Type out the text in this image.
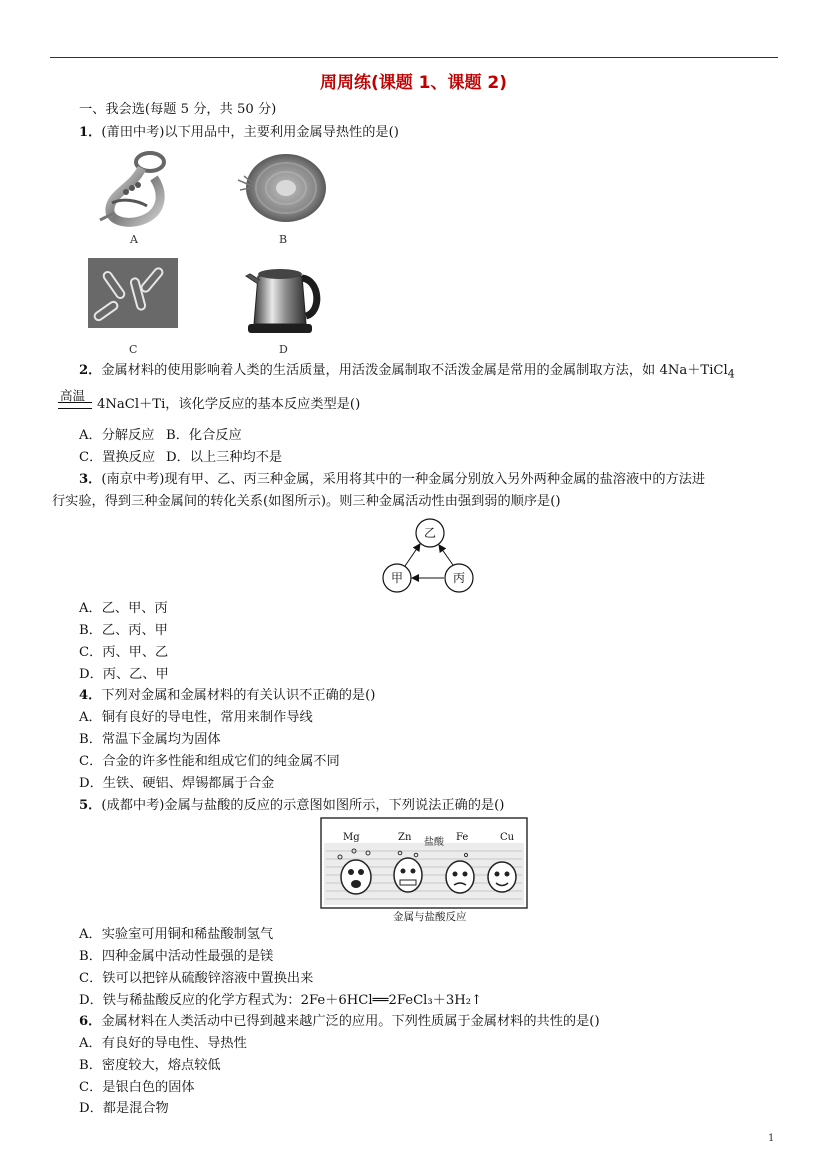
周周练(课题 1、课题 2)
一、我会选(每题 5 分，共 50 分)
1．(莆田中考)以下用品中，主要利用金属导热性的是()
A	B
C	D
2．金属材料的使用影响着人类的生活质量，用活泼金属制取不活泼金属是常用的金属制取方法，如 4Na＋TiCl$_4$
高温
4NaCl＋Ti，该化学反应的基本反应类型是()
A．分解反应 B．化合反应
C．置换反应 D．以上三种均不是
3．(南京中考)现有甲、乙、丙三种金属，采用将其中的一种金属分别放入另外两种金属的盐溶液中的方法进
行实验，得到三种金属间的转化关系(如图所示)。则三种金属活动性由强到弱的顺序是()
乙
甲	丙
A．乙、甲、丙
B．乙、丙、甲
C．丙、甲、乙
D．丙、乙、甲
4．下列对金属和金属材料的有关认识不正确的是()
A．铜有良好的导电性，常用来制作导线
B．常温下金属均为固体
C．合金的许多性能和组成它们的纯金属不同
D．生铁、硬铝、焊锡都属于合金
5．(成都中考)金属与盐酸的反应的示意图如图所示，下列说法正确的是()
Mg	Zn 盐酸 Fe	Cu
金属与盐酸反应
A．实验室可用铜和稀盐酸制氢气
B．四种金属中活动性最强的是镁
C．铁可以把锌从硫酸锌溶液中置换出来
D．铁与稀盐酸反应的化学方程式为：2Fe＋6HCl══2FeCl₃＋3H₂↑
6．金属材料在人类活动中已得到越来越广泛的应用。下列性质属于金属材料的共性的是()
A．有良好的导电性、导热性
B．密度较大，熔点较低
C．是银白色的固体
D．都是混合物
1
